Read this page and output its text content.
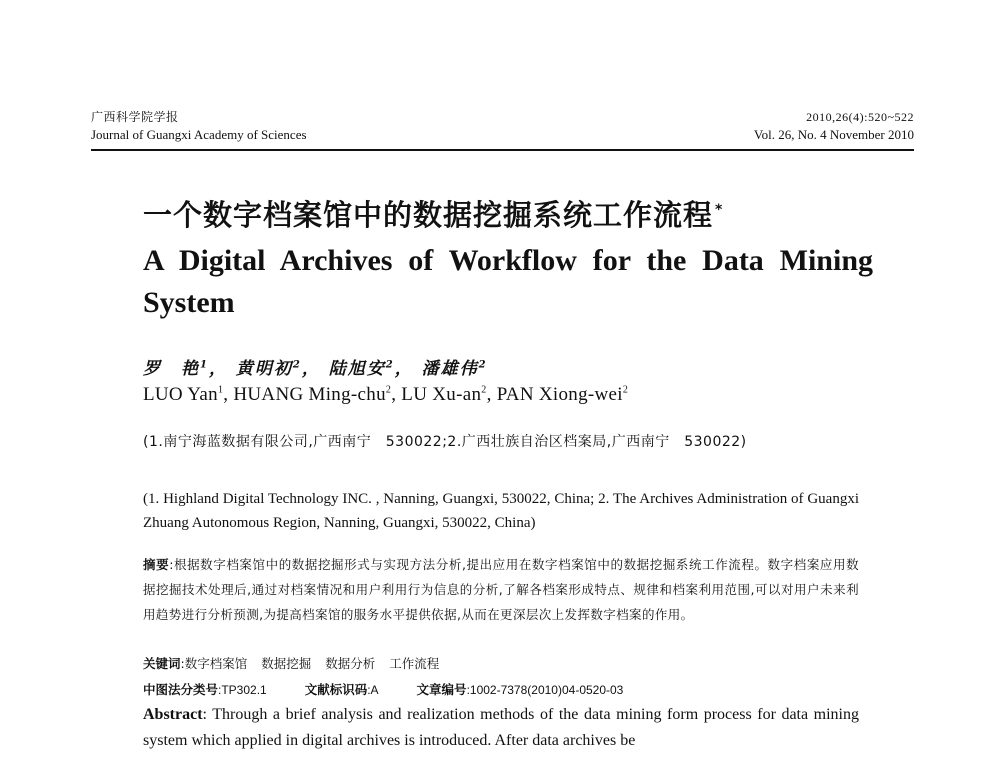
广西科学院学报
Journal of Guangxi Academy of Sciences
2010,26(4):520~522
Vol. 26, No. 4 November 2010
一个数字档案馆中的数据挖掘系统工作流程 *
A Digital Archives of Workflow for the Data Mining System
罗　艳$^1$， 黄明初$^2$， 陆旭安$^2$， 潘雄伟$^2$
LUO Yan$^1$, HUANG Ming-chu$^2$, LU $Xu-an^2$, PAN Xiong-wei$^2$
(1.南宁海蓝数据有限公司,广西南宁　530022;2.广西壮族自治区档案局,广西南宁　530022)
(1. Highland Digital Technology INC. , Nanning, Guangxi, 530022, China; 2. The Archives Administration of Guangxi Zhuang Autonomous Region, Nanning, Guangxi, 530022, China)
摘要:根据数字档案馆中的数据挖掘形式与实现方法分析,提出应用在数字档案馆中的数据挖掘系统工作流程。数字档案应用数据挖掘技术处理后,通过对档案情况和用户利用行为信息的分析,了解各档案形成特点、规律和档案利用范围,可以对用户未来利用趋势进行分析预测,为提高档案馆的服务水平提供依据,从而在更深层次上发挥数字档案的作用。
关键词:数字档案馆 数据挖掘 数据分析 工作流程
中图法分类号:TP302.1	文献标识码:A	文章编号:1002-7378(2010)04-0520-03
Abstract: Through a brief analysis and realization methods of the data mining form process for data mining system which applied in digital archives is introduced. After data archives be
